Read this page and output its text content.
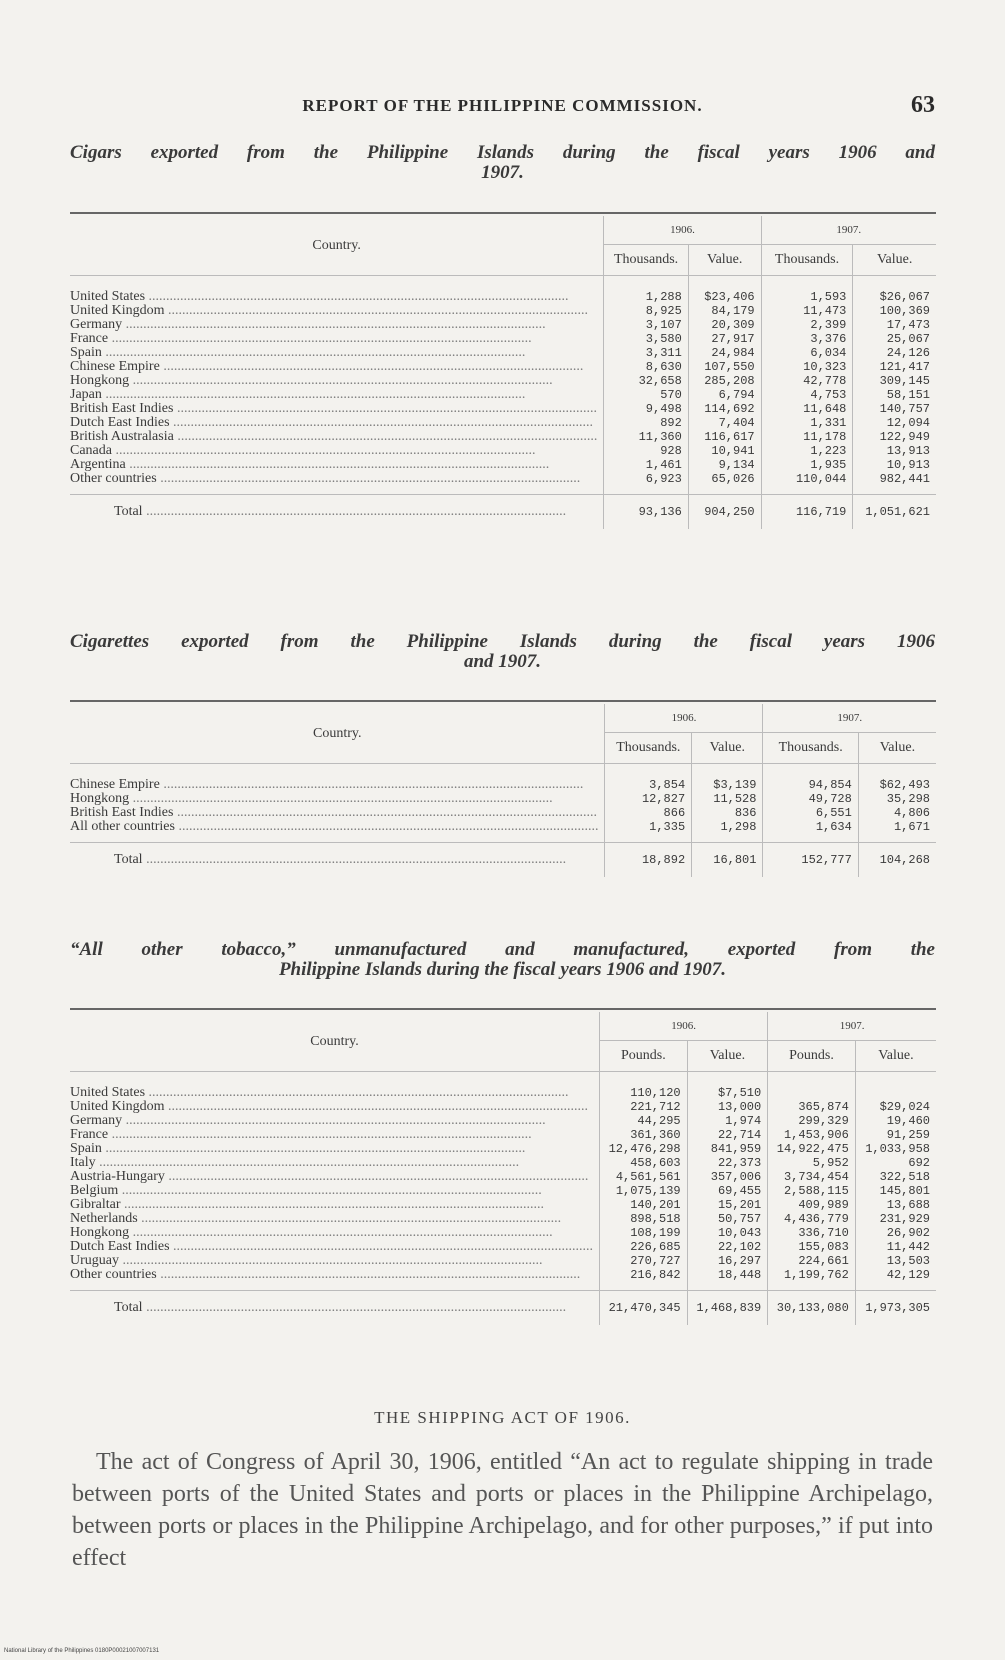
REPORT OF THE PHILIPPINE COMMISSION.	63
Cigars exported from the Philippine Islands during the fiscal years 1906 and
1907.
Country.	1906.		1907.	
	Thousands.	Value.	Thousands.	Value.

United States .....	1,288	$23,406	1,593	$26,067

United Kingdom .....	8,925	84,179	11,473	100,369

Germany .....	3,107	20,309	2,399	17,473

France .....	3,580	27,917	3,376	25,067

Spain .....	3,311	24,984	6,034	24,126

Chinese Empire .....	8,630	107,550	10,323	121,417

Hongkong .....	32,658	285,208	42,778	309,145

Japan .....	570	6,794	4,753	58,151

British East Indies .....	9,498	114,692	11,648	140,757

Dutch East Indies .....	892	7,404	1,331	12,094

British Australasia .....	11,360	116,617	11,178	122,949

Canada .....	928	10,941	1,223	13,913

Argentina .....	1,461	9,134	1,935	10,913

Other countries .....	6,923	65,026	110,044	982,441

Total .....	93,136	904,250	116,719	1,051,621
Cigarettes exported from the Philippine Islands during the fiscal years 1906
and 1907.
Country.	1906.		1907.	
	Thousands.	Value.	Thousands.	Value.

Chinese Empire .....	3,854	$3,139	94,854	$62,493

Hongkong .....	12,827	11,528	49,728	35,298

British East Indies .....	866	836	6,551	4,806

All other countries .....	1,335	1,298	1,634	1,671

Total .....	18,892	16,801	152,777	104,268
“All other tobacco,” unmanufactured and manufactured, exported from the
Philippine Islands during the fiscal years 1906 and 1907.
Country.	1906.		1907.	
	Pounds.	Value.	Pounds.	Value.

United States .....	110,120	$7,510		

United Kingdom .....	221,712	13,000	365,874	$29,024

Germany .....	44,295	1,974	299,329	19,460

France .....	361,360	22,714	1,453,906	91,259

Spain .....	12,476,298	841,959	14,922,475	1,033,958

Italy .....	458,603	22,373	5,952	692

Austria-Hungary .....	4,561,561	357,006	3,734,454	322,518

Belgium .....	1,075,139	69,455	2,588,115	145,801

Gibraltar .....	140,201	15,201	409,989	13,688

Netherlands .....	898,518	50,757	4,436,779	231,929

Hongkong .....	108,199	10,043	336,710	26,902

Dutch East Indies .....	226,685	22,102	155,083	11,442

Uruguay .....	270,727	16,297	224,661	13,503

Other countries .....	216,842	18,448	1,199,762	42,129

Total .....	21,470,345	1,468,839	30,133,080	1,973,305
THE SHIPPING ACT OF 1906.
The act of Congress of April 30, 1906, entitled “An act to regulate shipping in trade between ports of the United States and ports or places in the Philippine Archipelago, between ports or places in the Philippine Archipelago, and for other purposes,” if put into effect
National Library of the Philippines 0180P00021007007131
